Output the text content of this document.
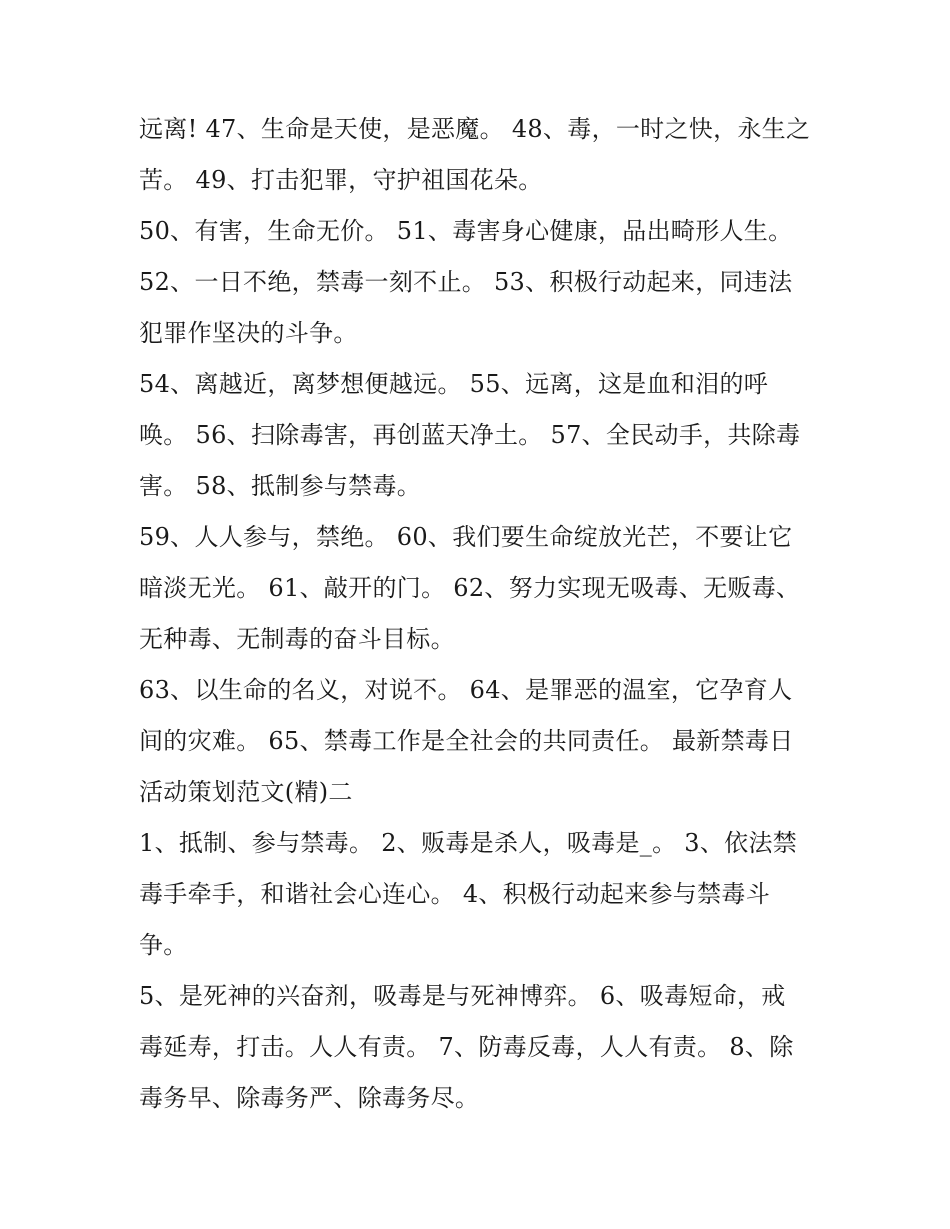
远离! 47、生命是天使，是恶魔。 48、毒，一时之快，永生之
苦。 49、打击犯罪，守护祖国花朵。
50、有害，生命无价。 51、毒害身心健康，品出畸形人生。
52、一日不绝，禁毒一刻不止。 53、积极行动起来，同违法
犯罪作坚决的斗争。
54、离越近，离梦想便越远。 55、远离，这是血和泪的呼
唤。 56、扫除毒害，再创蓝天净土。 57、全民动手，共除毒
害。 58、抵制参与禁毒。
59、人人参与，禁绝。 60、我们要生命绽放光芒，不要让它
暗淡无光。 61、敲开的门。 62、努力实现无吸毒、无贩毒、
无种毒、无制毒的奋斗目标。
63、以生命的名义，对说不。 64、是罪恶的温室，它孕育人
间的灾难。 65、禁毒工作是全社会的共同责任。 最新禁毒日
活动策划范文(精)二
1、抵制、参与禁毒。 2、贩毒是杀人，吸毒是_。 3、依法禁
毒手牵手，和谐社会心连心。 4、积极行动起来参与禁毒斗
争。
5、是死神的兴奋剂，吸毒是与死神博弈。 6、吸毒短命，戒
毒延寿，打击。人人有责。 7、防毒反毒，人人有责。 8、除
毒务早、除毒务严、除毒务尽。
